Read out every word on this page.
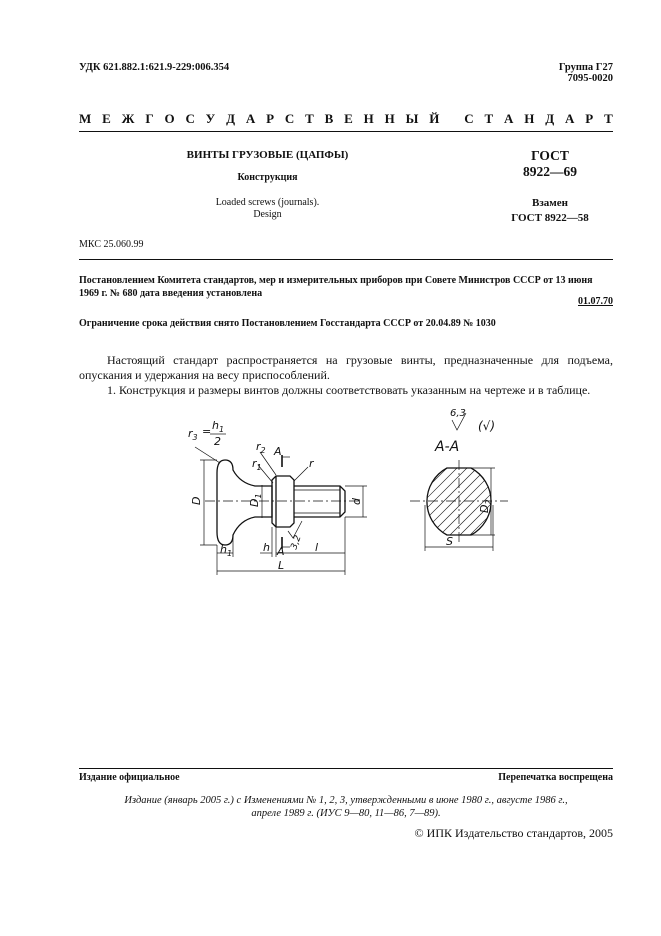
УДК 621.882.1:621.9-229:006.354	Группа Г27
7095-0020
М Е Ж Г О С У Д А Р С Т В Е Н Н Ы Й
С Т А Н Д А Р Т
ВИНТЫ ГРУЗОВЫЕ (ЦАПФЫ)
Конструкция
Loaded screws (journals).
Design
ГОСТ
8922—69
Взамен
ГОСТ 8922—58
МКС 25.060.99
Постановлением Комитета стандартов, мер и измерительных приборов при Совете Министров СССР от 13 июня 1969 г. № 680 дата введения установлена
01.07.70
Ограничение срока действия снято Постановлением Госстандарта СССР от 20.04.89 № 1030
Настоящий стандарт распространяется на грузовые винты, предназначенные для подъема, опускания и удержания на весу приспособлений.
1. Конструкция и размеры винтов должны соответствовать указанным на чертеже и в таблице.
$r_3 = h_1$
2	$r_2$ A
$r_1$	r
D	$D_1$
d
$h_1$	h A
3,2 l
L
6,3
(√)
A-A
$D_2$
S
Издание официальное	Перепечатка воспрещена
Издание (январь 2005 г.) с Изменениями № 1, 2, 3, утвержденными в июне 1980 г., августе 1986 г.,
апреле 1989 г. (ИУС 9—80, 11—86, 7—89).
© ИПК Издательство стандартов, 2005
